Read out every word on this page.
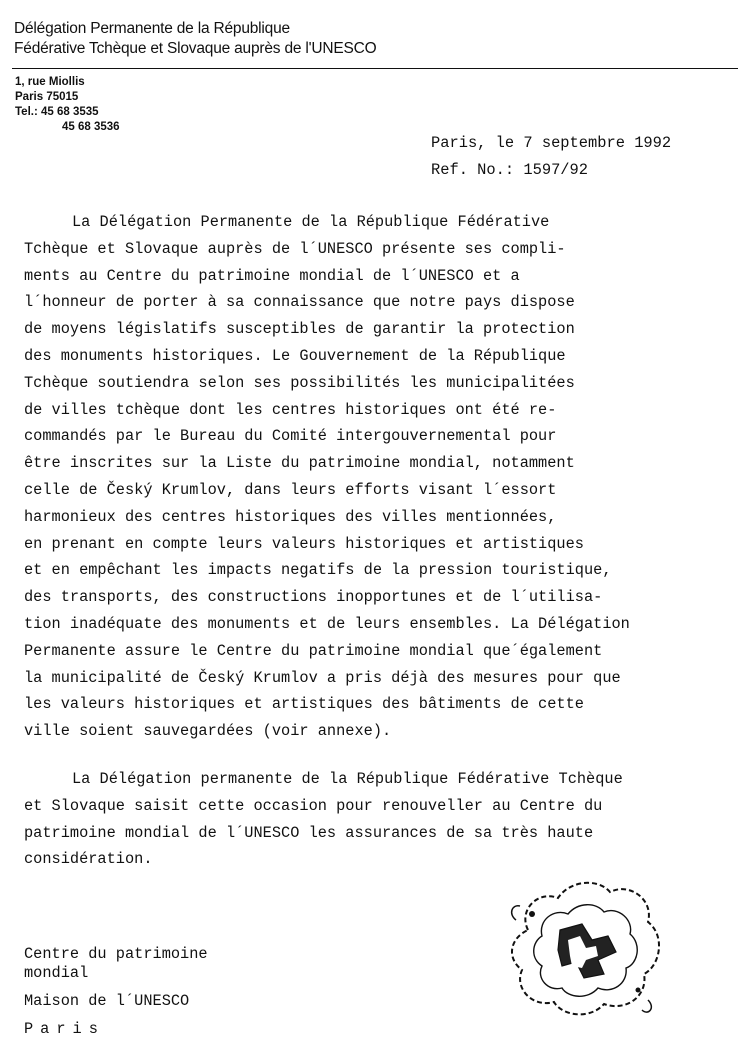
Délégation Permanente de la République
Fédérative Tchèque et Slovaque auprès de l'UNESCO
1, rue Miollis
Paris 75015
Tel.: 45 68 3535
45 68 3536
Paris, le 7 septembre 1992
Ref. No.: 1597/92
La Délégation Permanente de la République Fédérative
Tchèque et Slovaque auprès de l´UNESCO présente ses compli-
ments au Centre du patrimoine mondial de l´UNESCO et a
l´honneur de porter à sa connaissance que notre pays dispose
de moyens législatifs susceptibles de garantir la protection
des monuments historiques. Le Gouvernement de la République
Tchèque soutiendra selon ses possibilités les municipalitées
de villes tchèque dont les centres historiques ont été re-
commandés par le Bureau du Comité intergouvernemental pour
être inscrites sur la Liste du patrimoine mondial, notamment
celle de Český Krumlov, dans leurs efforts visant l´essort
harmonieux des centres historiques des villes mentionnées,
en prenant en compte leurs valeurs historiques et artistiques
et en empêchant les impacts negatifs de la pression touristique,
des transports, des constructions inopportunes et de l´utilisa-
tion inadéquate des monuments et de leurs ensembles. La Délégation
Permanente assure le Centre du patrimoine mondial que´également
la municipalité de Český Krumlov a pris déjà des mesures pour que
les valeurs historiques et artistiques des bâtiments de cette
ville soient sauvegardées (voir annexe).
La Délégation permanente de la République Fédérative Tchèque
et Slovaque saisit cette occasion pour renouveller au Centre du
patrimoine mondial de l´UNESCO les assurances de sa très haute
considération.
Centre du patrimoine
mondial
Maison de l´UNESCO
Paris
